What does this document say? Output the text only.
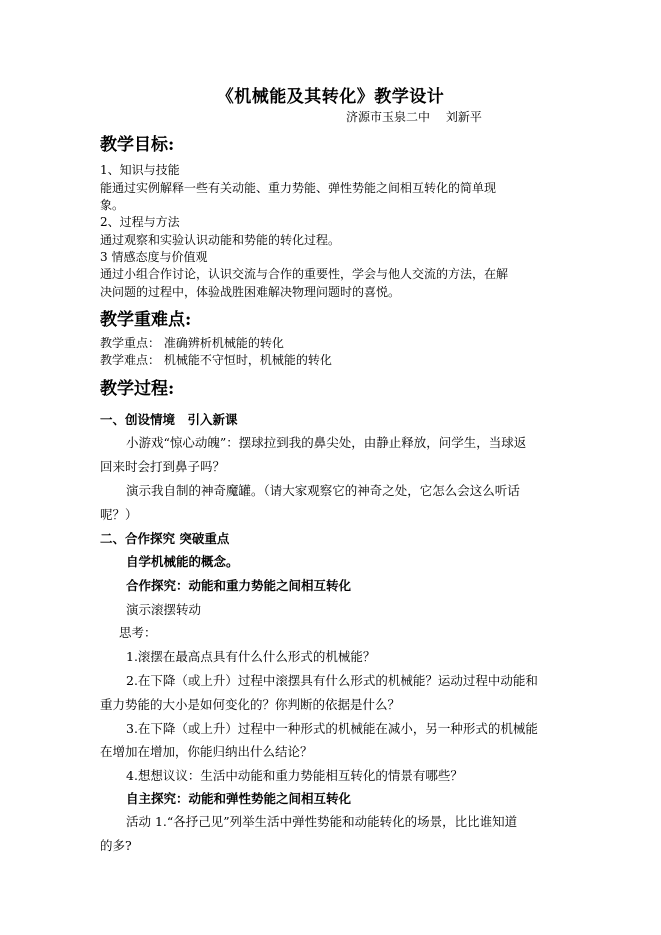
《机械能及其转化》教学设计
济源市玉泉二中　 刘新平
教学目标:
1、知识与技能
能通过实例解释一些有关动能、重力势能、弹性势能之间相互转化的简单现
象。
2、过程与方法
通过观察和实验认识动能和势能的转化过程。
3 情感态度与价值观
通过小组合作讨论，认识交流与合作的重要性，学会与他人交流的方法，在解
决问题的过程中，体验战胜困难解决物理问题时的喜悦。
教学重难点:
教学重点： 准确辨析机械能的转化
教学难点： 机械能不守恒时，机械能的转化
教学过程:
一、创设情境　引入新课
小游戏“惊心动魄”：摆球拉到我的鼻尖处，由静止释放，问学生，当球返
回来时会打到鼻子吗？
演示我自制的神奇魔罐。（请大家观察它的神奇之处，它怎么会这么听话
呢？）
二、合作探究 突破重点
自学机械能的概念。
合作探究：动能和重力势能之间相互转化
演示滚摆转动
思考：
1.滚摆在最高点具有什么什么形式的机械能？
2.在下降（或上升）过程中滚摆具有什么形式的机械能？运动过程中动能和
重力势能的大小是如何变化的？你判断的依据是什么？
3.在下降（或上升）过程中一种形式的机械能在减小，另一种形式的机械能
在增加在增加，你能归纳出什么结论？
4.想想议议：生活中动能和重力势能相互转化的情景有哪些？
自主探究：动能和弹性势能之间相互转化
活动 1.“各抒己见”列举生活中弹性势能和动能转化的场景，比比谁知道
的多?
